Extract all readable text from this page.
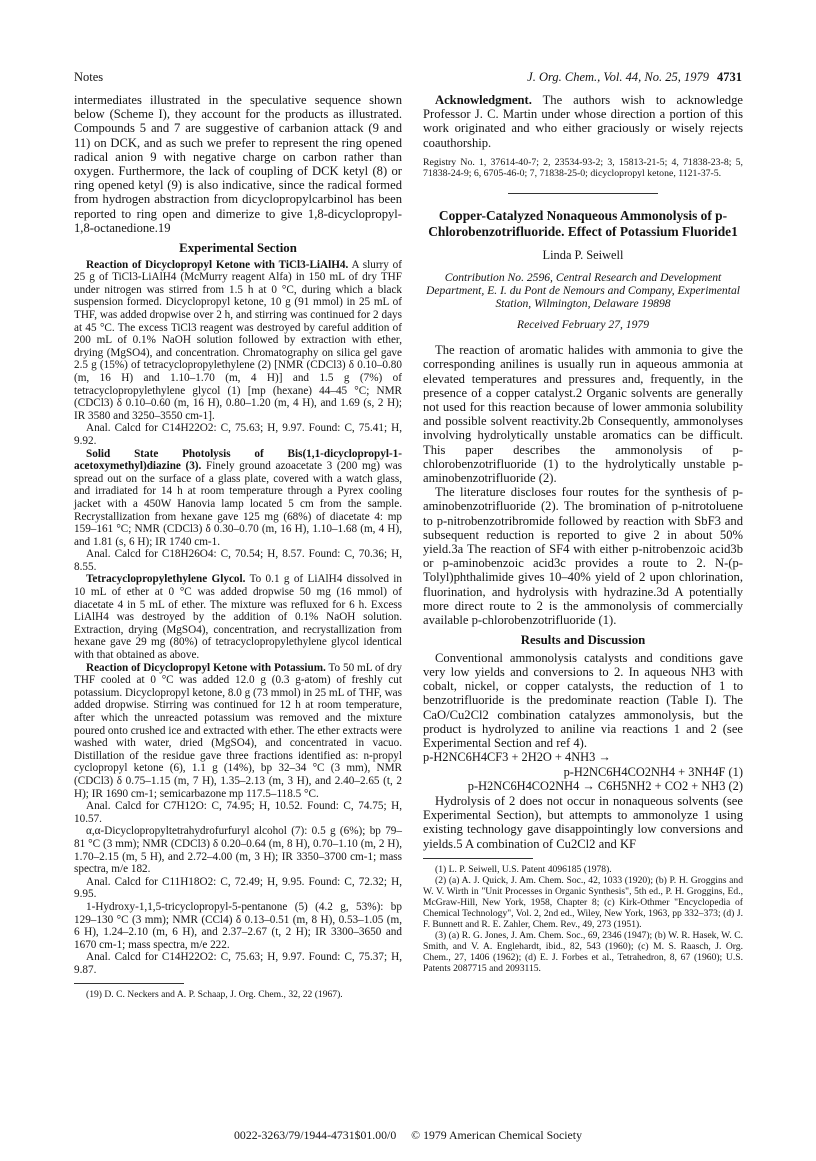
Notes	J. Org. Chem., Vol. 44, No. 25, 1979 4731

intermediates illustrated in the speculative sequence shown below (Scheme I), they account for the products as illustrated. Compounds 5 and 7 are suggestive of carbanion attack (9 and 11) on DCK, and as such we prefer to represent the ring opened radical anion 9 with negative charge on carbon rather than oxygen. Furthermore, the lack of coupling of DCK ketyl (8) or ring opened ketyl (9) is also indicative, since the radical formed from hydrogen abstraction from dicyclopropylcarbinol has been reported to ring open and dimerize to give 1,8-dicyclopropyl-1,8-octanedione.19

Experimental Section

Reaction of Dicyclopropyl Ketone with TiCl3-LiAlH4. A slurry of 25 g of TiCl3-LiAlH4 (McMurry reagent Alfa) in 150 mL of dry THF under nitrogen was stirred from 1.5 h at 0 °C, during which a black suspension formed. Dicyclopropyl ketone, 10 g (91 mmol) in 25 mL of THF, was added dropwise over 2 h, and stirring was continued for 2 days at 45 °C. The excess TiCl3 reagent was destroyed by careful addition of 200 mL of 0.1% NaOH solution followed by extraction with ether, drying (MgSO4), and concentration. Chromatography on silica gel gave 2.5 g (15%) of tetracyclopropylethylene (2) [NMR (CDCl3) δ 0.10–0.80 (m, 16 H) and 1.10–1.70 (m, 4 H)] and 1.5 g (7%) of tetracyclopropylethylene glycol (1) [mp (hexane) 44–45 °C; NMR (CDCl3) δ 0.10–0.60 (m, 16 H), 0.80–1.20 (m, 4 H), and 1.69 (s, 2 H); IR 3580 and 3250–3550 cm-1].

Anal. Calcd for C14H22O2: C, 75.63; H, 9.97. Found: C, 75.41; H, 9.92.

Solid State Photolysis of Bis(1,1-dicyclopropyl-1-acetoxymethyl)diazine (3). Finely ground azoacetate 3 (200 mg) was spread out on the surface of a glass plate, covered with a watch glass, and irradiated for 14 h at room temperature through a Pyrex cooling jacket with a 450W Hanovia lamp located 5 cm from the sample. Recrystallization from hexane gave 125 mg (68%) of diacetate 4: mp 159–161 °C; NMR (CDCl3) δ 0.30–0.70 (m, 16 H), 1.10–1.68 (m, 4 H), and 1.81 (s, 6 H); IR 1740 cm-1.

Anal. Calcd for C18H26O4: C, 70.54; H, 8.57. Found: C, 70.36; H, 8.55.

Tetracyclopropylethylene Glycol. To 0.1 g of LiAlH4 dissolved in 10 mL of ether at 0 °C was added dropwise 50 mg (16 mmol) of diacetate 4 in 5 mL of ether. The mixture was refluxed for 6 h. Excess LiAlH4 was destroyed by the addition of 0.1% NaOH solution. Extraction, drying (MgSO4), concentration, and recrystallization from hexane gave 29 mg (80%) of tetracyclopropylethylene glycol identical with that obtained as above.

Reaction of Dicyclopropyl Ketone with Potassium. To 50 mL of dry THF cooled at 0 °C was added 12.0 g (0.3 g-atom) of freshly cut potassium. Dicyclopropyl ketone, 8.0 g (73 mmol) in 25 mL of THF, was added dropwise. Stirring was continued for 12 h at room temperature, after which the unreacted potassium was removed and the mixture poured onto crushed ice and extracted with ether. The ether extracts were washed with water, dried (MgSO4), and concentrated in vacuo. Distillation of the residue gave three fractions identified as: n-propyl cyclopropyl ketone (6), 1.1 g (14%), bp 32–34 °C (3 mm), NMR (CDCl3) δ 0.75–1.15 (m, 7 H), 1.35–2.13 (m, 3 H), and 2.40–2.65 (t, 2 H); IR 1690 cm-1; semicarbazone mp 117.5–118.5 °C.

Anal. Calcd for C7H12O: C, 74.95; H, 10.52. Found: C, 74.75; H, 10.57.

α,α-Dicyclopropyltetrahydrofurfuryl alcohol (7): 0.5 g (6%); bp 79–81 °C (3 mm); NMR (CDCl3) δ 0.20–0.64 (m, 8 H), 0.70–1.10 (m, 2 H), 1.70–2.15 (m, 5 H), and 2.72–4.00 (m, 3 H); IR 3350–3700 cm-1; mass spectra, m/e 182.

Anal. Calcd for C11H18O2: C, 72.49; H, 9.95. Found: C, 72.32; H, 9.95.

1-Hydroxy-1,1,5-tricyclopropyl-5-pentanone (5) (4.2 g, 53%): bp 129–130 °C (3 mm); NMR (CCl4) δ 0.13–0.51 (m, 8 H), 0.53–1.05 (m, 6 H), 1.24–2.10 (m, 6 H), and 2.37–2.67 (t, 2 H); IR 3300–3650 and 1670 cm-1; mass spectra, m/e 222.

Anal. Calcd for C14H22O2: C, 75.63; H, 9.97. Found: C, 75.37; H, 9.87.

(19) D. C. Neckers and A. P. Schaap, J. Org. Chem., 32, 22 (1967).

Acknowledgment. The authors wish to acknowledge Professor J. C. Martin under whose direction a portion of this work originated and who either graciously or wisely rejects coauthorship.

Registry No. 1, 37614-40-7; 2, 23534-93-2; 3, 15813-21-5; 4, 71838-23-8; 5, 71838-24-9; 6, 6705-46-0; 7, 71838-25-0; dicyclopropyl ketone, 1121-37-5.

Copper-Catalyzed Nonaqueous Ammonolysis of p-Chlorobenzotrifluoride. Effect of Potassium Fluoride1
Linda P. Seiwell
Contribution No. 2596, Central Research and Development Department, E. I. du Pont de Nemours and Company, Experimental Station, Wilmington, Delaware 19898
Received February 27, 1979

The reaction of aromatic halides with ammonia to give the corresponding anilines is usually run in aqueous ammonia at elevated temperatures and pressures and, frequently, in the presence of a copper catalyst.2 Organic solvents are generally not used for this reaction because of lower ammonia solubility and possible solvent reactivity.2b Consequently, ammonolyses involving hydrolytically unstable aromatics can be difficult. This paper describes the ammonolysis of p-chlorobenzotrifluoride (1) to the hydrolytically unstable p-aminobenzotrifluoride (2).

The literature discloses four routes for the synthesis of p-aminobenzotrifluoride (2). The bromination of p-nitrotoluene to p-nitrobenzotribromide followed by reaction with SbF3 and subsequent reduction is reported to give 2 in about 50% yield.3a The reaction of SF4 with either p-nitrobenzoic acid3b or p-aminobenzoic acid3c provides a route to 2. N-(p-Tolyl)phthalimide gives 10–40% yield of 2 upon chlorination, fluorination, and hydrolysis with hydrazine.3d A potentially more direct route to 2 is the ammonolysis of commercially available p-chlorobenzotrifluoride (1).

Results and Discussion

Conventional ammonolysis catalysts and conditions gave very low yields and conversions to 2. In aqueous NH3 with cobalt, nickel, or copper catalysts, the reduction of 1 to benzotrifluoride is the predominate reaction (Table I). The CaO/Cu2Cl2 combination catalyzes ammonolysis, but the product is hydrolyzed to aniline via reactions 1 and 2 (see Experimental Section and ref 4).

p-H2NC6H4CF3 + 2H2O + 4NH3 →

p-H2NC6H4CO2NH4 + 3NH4F (1)

p-H2NC6H4CO2NH4 → C6H5NH2 + CO2 + NH3 (2)

Hydrolysis of 2 does not occur in nonaqueous solvents (see Experimental Section), but attempts to ammonolyze 1 using existing technology gave disappointingly low conversions and yields.5 A combination of Cu2Cl2 and KF

(1) L. P. Seiwell, U.S. Patent 4096185 (1978).

(2) (a) A. J. Quick, J. Am. Chem. Soc., 42, 1033 (1920); (b) P. H. Groggins and W. V. Wirth in "Unit Processes in Organic Synthesis", 5th ed., P. H. Groggins, Ed., McGraw-Hill, New York, 1958, Chapter 8; (c) Kirk-Othmer "Encyclopedia of Chemical Technology", Vol. 2, 2nd ed., Wiley, New York, 1963, pp 332–373; (d) J. F. Bunnett and R. E. Zahler, Chem. Rev., 49, 273 (1951).

(3) (a) R. G. Jones, J. Am. Chem. Soc., 69, 2346 (1947); (b) W. R. Hasek, W. C. Smith, and V. A. Englehardt, ibid., 82, 543 (1960); (c) M. S. Raasch, J. Org. Chem., 27, 1406 (1962); (d) E. J. Forbes et al., Tetrahedron, 8, 67 (1960); U.S. Patents 2087715 and 2093115.

0022-3263/79/1944-4731$01.00/0 © 1979 American Chemical Society
